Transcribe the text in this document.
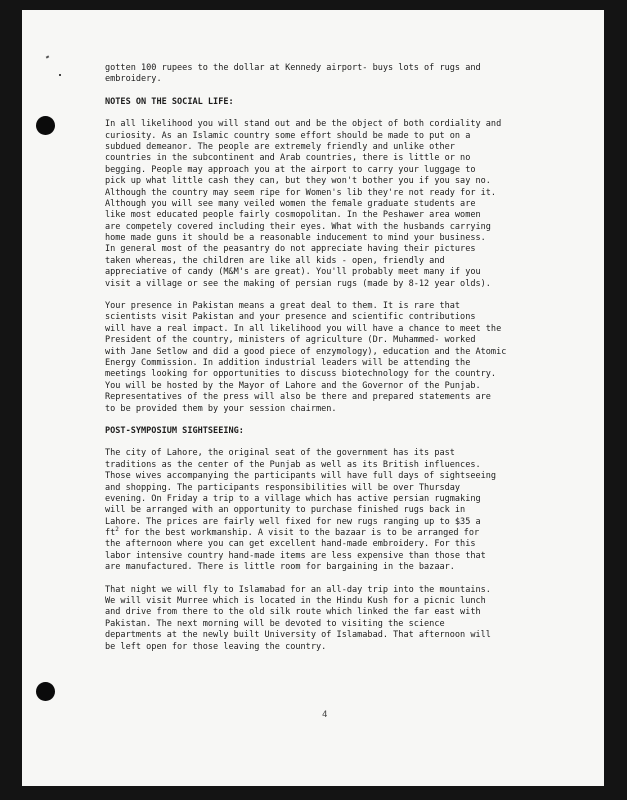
gotten 100 rupees to the dollar at Kennedy airport- buys lots of rugs and
embroidery.
NOTES ON THE SOCIAL LIFE:
In all likelihood you will stand out and be the object of both cordiality and
curiosity. As an Islamic country some effort should be made to put on a
subdued demeanor. The people are extremely friendly and unlike other
countries in the subcontinent and Arab countries, there is little or no
begging. People may approach you at the airport to carry your luggage to
pick up what little cash they can, but they won't bother you if you say no.
Although the country may seem ripe for Women's lib they're not ready for it.
Although you will see many veiled women the female graduate students are
like most educated people fairly cosmopolitan. In the Peshawer area women
are competely covered including their eyes. What with the husbands carrying
home made guns it should be a reasonable inducement to mind your business.
In general most of the peasantry do not appreciate having their pictures
taken whereas, the children are like all kids - open, friendly and
appreciative of candy (M&M's are great). You'll probably meet many if you
visit a village or see the making of persian rugs (made by 8-12 year olds).
Your presence in Pakistan means a great deal to them. It is rare that
scientists visit Pakistan and your presence and scientific contributions
will have a real impact. In all likelihood you will have a chance to meet the
President of the country, ministers of agriculture (Dr. Muhammed- worked
with Jane Setlow and did a good piece of enzymology), education and the Atomic
Energy Commission. In addition industrial leaders will be attending the
meetings looking for opportunities to discuss biotechnology for the country.
You will be hosted by the Mayor of Lahore and the Governor of the Punjab.
Representatives of the press will also be there and prepared statements are
to be provided them by your session chairmen.
POST-SYMPOSIUM SIGHTSEEING:
The city of Lahore, the original seat of the government has its past
traditions as the center of the Punjab as well as its British influences.
Those wives accompanying the participants will have full days of sightseeing
and shopping. The participants responsibilities will be over Thursday
evening. On Friday a trip to a village which has active persian rugmaking
will be arranged with an opportunity to purchase finished rugs back in
Lahore. The prices are fairly well fixed for new rugs ranging up to $35 a
$ft^2$ for the best workmanship. A visit to the bazaar is to be arranged for
the afternoon where you can get excellent hand-made embroidery. For this
labor intensive country hand-made items are less expensive than those that
are manufactured. There is little room for bargaining in the bazaar.
That night we will fly to Islamabad for an all-day trip into the mountains.
We will visit Murree which is located in the Hindu Kush for a picnic lunch
and drive from there to the old silk route which linked the far east with
Pakistan. The next morning will be devoted to visiting the science
departments at the newly built University of Islamabad. That afternoon will
be left open for those leaving the country.
4
